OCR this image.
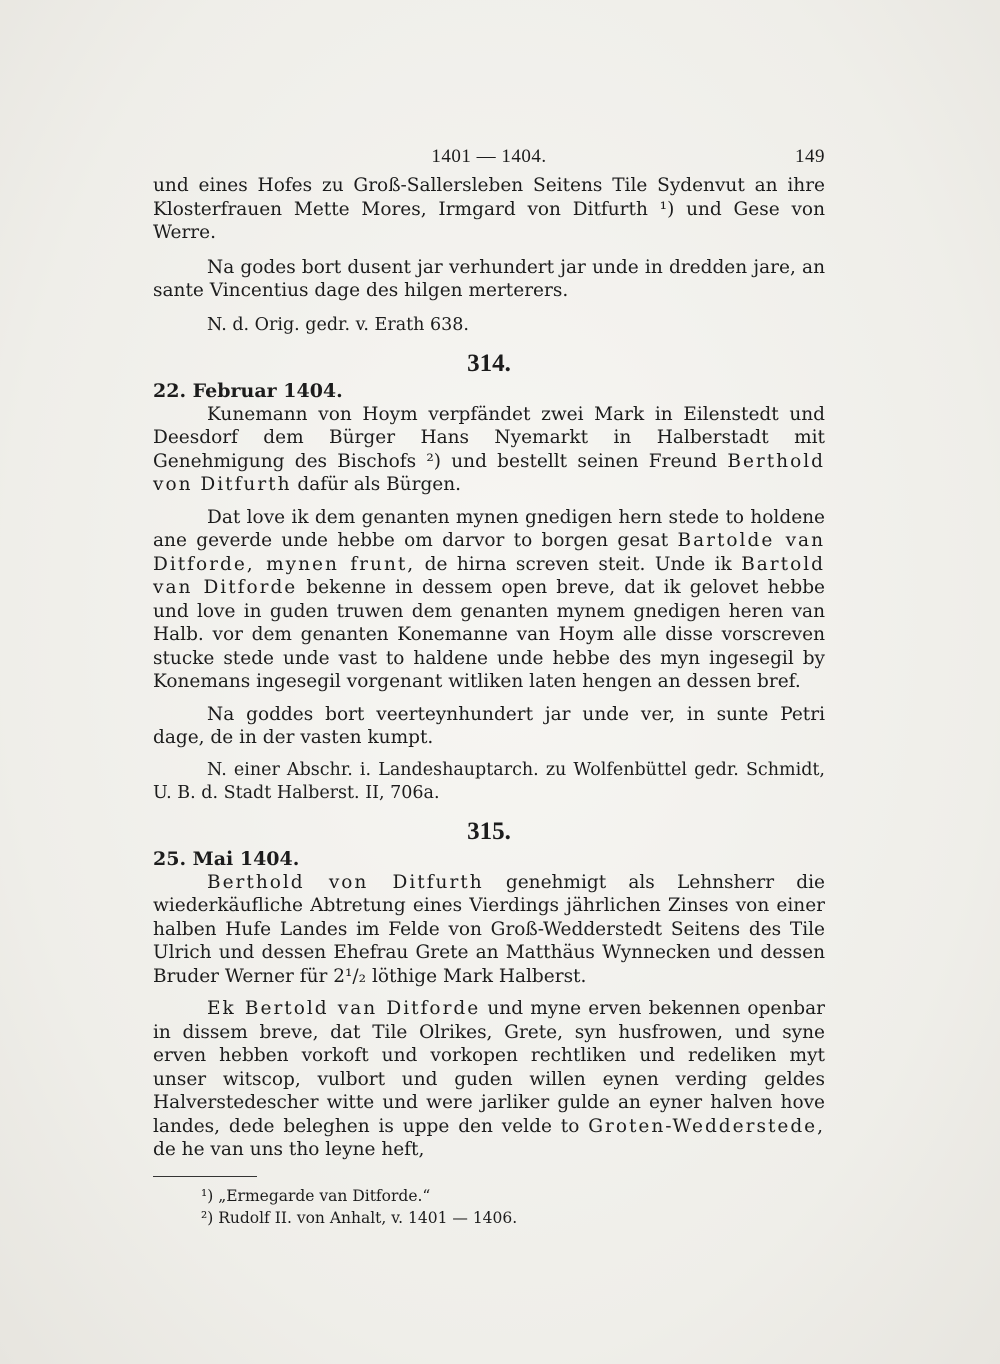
1401 — 1404.	149

und eines Hofes zu Groß-Sallersleben Seitens Tile Sydenvut an ihre Klosterfrauen Mette Mores, Irmgard von Ditfurth ¹) und Gese von Werre.

Na godes bort dusent jar verhundert jar unde in dredden jare, an sante Vincentius dage des hilgen merterers.

N. d. Orig. gedr. v. Erath 638.

314.

22. Februar 1404.

Kunemann von Hoym verpfändet zwei Mark in Eilenstedt und Deesdorf dem Bürger Hans Nyemarkt in Halberstadt mit Genehmigung des Bischofs ²) und bestellt seinen Freund Berthold von Ditfurth dafür als Bürgen.

Dat love ik dem genanten mynen gnedigen hern stede to holdene ane geverde unde hebbe om darvor to borgen gesat Bartolde van Ditforde, mynen frunt, de hirna screven steit. Unde ik Bartold van Ditforde bekenne in dessem open breve, dat ik gelovet hebbe und love in guden truwen dem genanten mynem gnedigen heren van Halb. vor dem genanten Konemanne van Hoym alle disse vorscreven stucke stede unde vast to haldene unde hebbe des myn ingesegil by Konemans ingesegil vorgenant witliken laten hengen an dessen bref.

Na goddes bort veerteynhundert jar unde ver, in sunte Petri dage, de in der vasten kumpt.

N. einer Abschr. i. Landeshauptarch. zu Wolfenbüttel gedr. Schmidt, U. B. d. Stadt Halberst. II, 706a.

315.

25. Mai 1404.

Berthold von Ditfurth genehmigt als Lehnsherr die wiederkäufliche Abtretung eines Vierdings jährlichen Zinses von einer halben Hufe Landes im Felde von Groß-Wedderstedt Seitens des Tile Ulrich und dessen Ehefrau Grete an Matthäus Wynnecken und dessen Bruder Werner für 2¹/₂ löthige Mark Halberst.

Ek Bertold van Ditforde und myne erven bekennen openbar in dissem breve, dat Tile Olrikes, Grete, syn husfrowen, und syne erven hebben vorkoft und vorkopen rechtliken und redeliken myt unser witscop, vulbort und guden willen eynen verding geldes Halverstedescher witte und were jarliker gulde an eyner halven hove landes, dede beleghen is uppe den velde to Groten-Wedderstede, de he van uns tho leyne heft,

¹) „Ermegarde van Ditforde.“
²) Rudolf II. von Anhalt, v. 1401 — 1406.
